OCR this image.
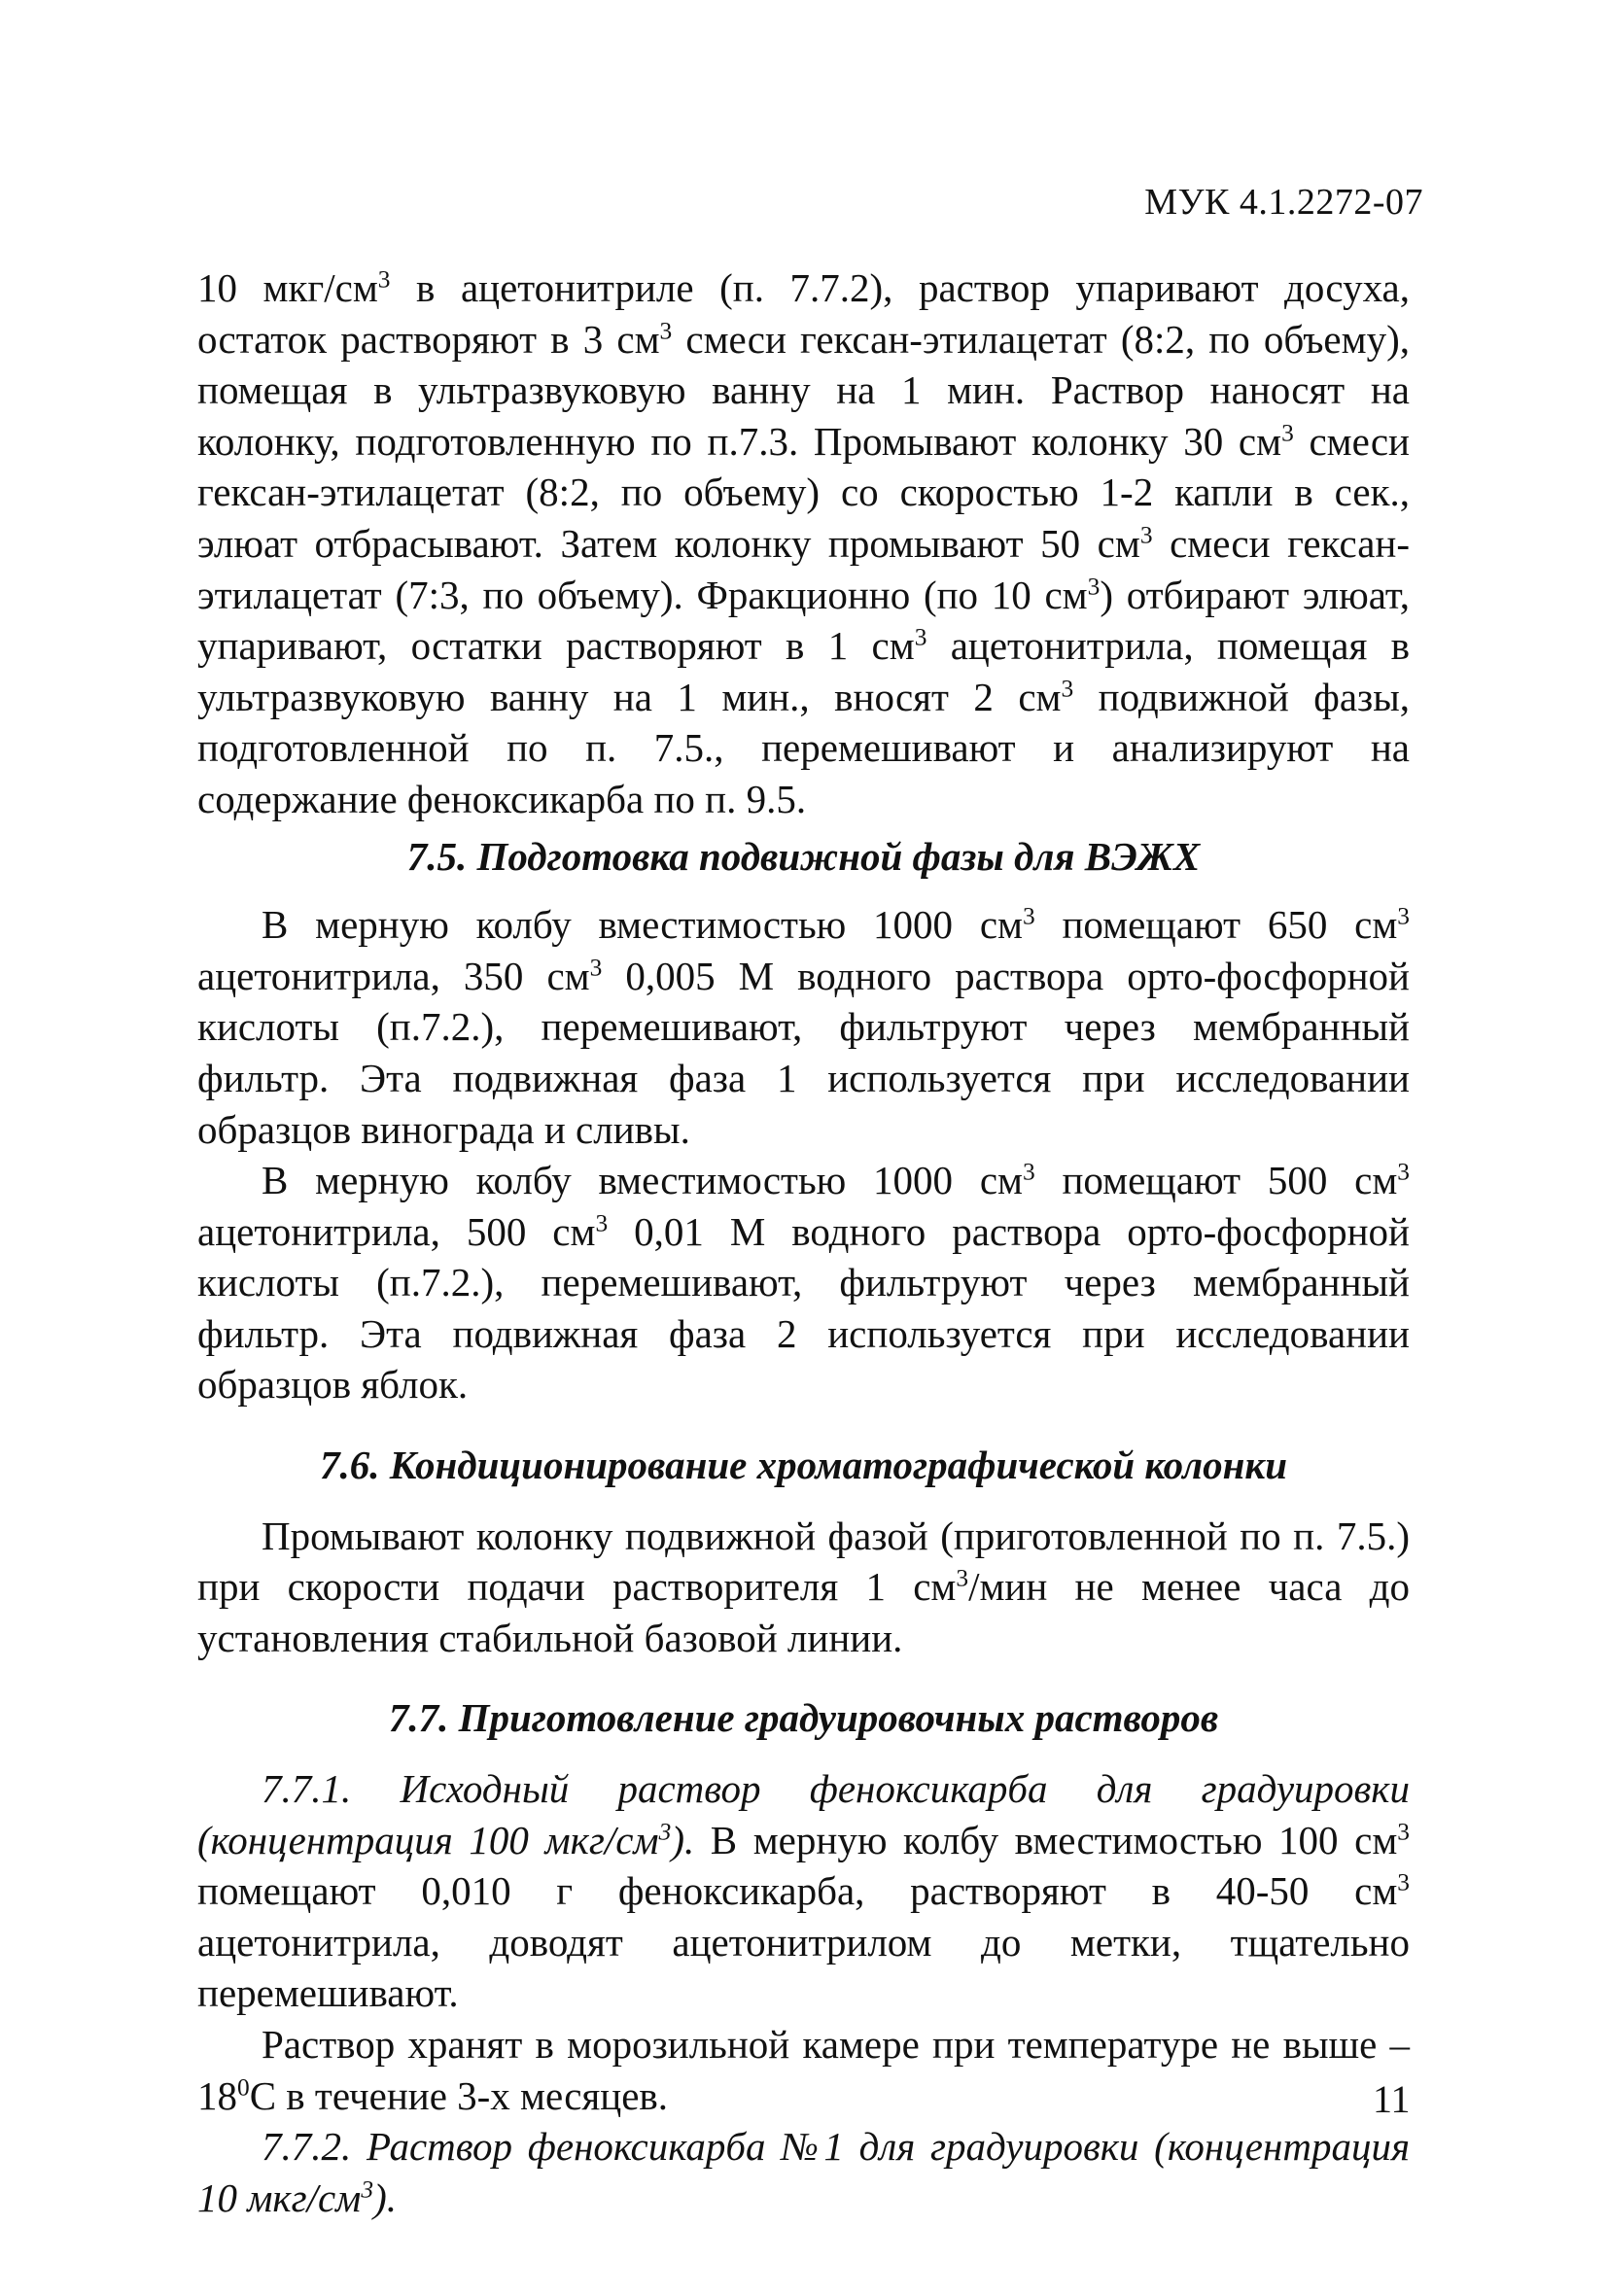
МУК 4.1.2272-07

10 мкг/$см^3$ в ацетонитриле (п. 7.7.2), раствор упаривают досуха, остаток растворяют в 3 $см^3$ смеси гексан-этилацетат (8:2, по объему), помещая в ультразвуковую ванну на 1 мин. Раствор наносят на колонку, подготовленную по п.7.3. Промывают колонку 30 $см^3$ смеси гексан-этилацетат (8:2, по объему) со скоростью 1-2 капли в сек., элюат отбрасывают. Затем колонку промывают 50 $см^3$ смеси гексан-этилацетат (7:3, по объему). Фракционно (по 10 $см^3$) отбирают элюат, упаривают, остатки растворяют в 1 $см^3$ ацетонитрила, помещая в ультразвуковую ванну на 1 мин., вносят 2 $см^3$ подвижной фазы, подготовленной по п. 7.5., перемешивают и анализируют на содержание феноксикарба по п. 9.5.

7.5. Подготовка подвижной фазы для ВЭЖХ

В мерную колбу вместимостью 1000 $см^3$ помещают 650 $см^3$ ацетонитрила, 350 $см^3$ 0,005 М водного раствора орто-фосфорной кислоты (п.7.2.), перемешивают, фильтруют через мембранный фильтр. Эта подвижная фаза 1 используется при исследовании образцов винограда и сливы.

В мерную колбу вместимостью 1000 $см^3$ помещают 500 $см^3$ ацетонитрила, 500 $см^3$ 0,01 М водного раствора орто-фосфорной кислоты (п.7.2.), перемешивают, фильтруют через мембранный фильтр. Эта подвижная фаза 2 используется при исследовании образцов яблок.

7.6. Кондиционирование хроматографической колонки

Промывают колонку подвижной фазой (приготовленной по п. 7.5.) при скорости подачи растворителя 1 $см^3$/мин не менее часа до установления стабильной базовой линии.

7.7. Приготовление градуировочных растворов

7.7.1. Исходный раствор феноксикарба для градуировки (концентрация 100 мкг/$см^3$). В мерную колбу вместимостью 100 $см^3$ помещают 0,010 г феноксикарба, растворяют в 40-50 $см^3$ ацетонитрила, доводят ацетонитрилом до метки, тщательно перемешивают.

Раствор хранят в морозильной камере при температуре не выше $-18^0С$ в течение 3-х месяцев.

7.7.2. Раствор феноксикарба №1 для градуировки (концентрация 10 мкг/$см^3$).

11
